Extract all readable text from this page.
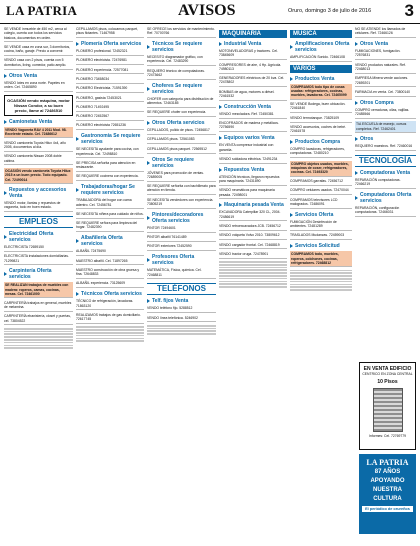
LA PATRIA	AVISOS	Oruro, domingo 3 de julio de 2016 3
SE VENDE inmueble de 450 m2, cerca al colegio, cuenta con todos los servicios básicos, documentos en orden.
SE VENDE casa en zona sur, 3 dormitorios, cocina, baño, garaje. Precio a convenir.
VENDO casa con 2 pisos, cuenta con 5 dormitorios, living, comedor, patio amplio.
Otros Venta
VENDO lotes en zona norte. Papeles en orden. Cel. 72465890
OCASIÓN vendo máquina, motor Nissan Condor, a su buen precio, llame al 72486510
Camionetas Venta
VENDO Vagoneta RAV 4 2011 Mod. 98. Excelente estado. Cel. 72486612
VENDO camioneta Toyota Hilux 4x4, año 2005, documentos al día.
VENDO camioneta Nissan 2008 doble cabina.
OCASIÓN vendo camioneta Toyota Hilux 2015 a un buen precio. Todo equipado. Cel. 72490014
Repuestos y accesorios Venta
VENDO motor, llantas y repuestos de vagoneta, todo en buen estado.
EMPLEOS
Electricidad Oferta servicios
ELECTRICISTA 72659150
ELECTRICISTA instalaciones domiciliarias. 71299821
Carpintería Oferta servicios
SE REALIZAN trabajos de muebles con madera: roperos, camas, cocinas, mesas. Cel. 72461000
CARPINTERÍA trabajos en general, muebles de melamina.
CARPINTERÍA ebanistería, closet y puertas, cel. 73804522
CEPILLAMOS pisos, colocamos parquet, pisos flotantes. 71467958
Plomería Oferta servicios
PLOMERO profesional. 72452321
PLOMERO electricista. 72476981
PLOMERO experiencia. 72577081
PLOMERO 73458034
PLOMERO Electricista. 71591390
PLOMERO, gasista 72453021
PLOMERO 71492495
PLOMERO 72452567
PLOMERO electricista 72651236
Gastronomía Se requiere servicios
SE NECESITA ayudante para cocina, con experiencia. Cel. 72498810
SE PRECISA señorita para atención en restaurante.
SE REQUIERE cocinera con experiencia.
Trabajadoras/hogar Se requiere servicios
TRABAJADORA del hogar con cama adentro. Cel. 72456781
SE NECESITA niñera para cuidado de niños.
SE REQUIERE señora para limpieza del hogar. 72482390
Albañilería Oferta servicios
ALBAÑIL 72475690
MAESTRO albañil. Cel. 71897265
MAESTRO construcción de obra gruesa y fina. 72648833
ALBAÑIL experiencia. 73125609
Técnicos Oferta servicios
TÉCNICO de refrigeración, lavadoras. 71863120
REALIZAMOS trabajos de gas domiciliario. 72617745
SE OFRECE los servicios de mantenimiento. Ref. 70700766
Técnicos Se requiere servicios
NECESITO diagramador gráfico, con experiencia. Cel. 72483290
REQUIERO técnico de computadoras. 72473662
Choferes Se requiere servicios
CHOFER con categoría para distribución de alimentos. 72463185
SE REQUIERE chofer con experiencia.
Otros Oferta servicios
CEPILLADOS, pulido de pisos. 72456817
CEPILLAMOS pisos. 72561083
CEPILLAMOS pisos parquet. 72569512
Otros Se requiere servicios
JÓVENES para promoción de ventas. 72689005
SE REQUIERE señorita con bachillerato para atención en tienda.
SE NECESITA vendedores con experiencia. 73805219
Pintores/decoradores Oferta servicios
PINTOR 72494601
PINTOR albañil 76141489
PINTOR exteriores 72452590
Profesores Oferta servicios
MATEMÁTICA, Física, química. Cel. 72468811
TELÉFONOS
Telf. fijos Venta
VENDO teléfono fijo. 5288512
VENDO línea telefónica. 5246902
MAQUINARIA
Industrial Venta
MOTONIVELADORAS y tractores. Cel. 73845609
COMPRESORES de aire, 4 Hp. Agrícola. 74980113
GENERADORES eléctricos de 20 kva. Cel. 72478802
BOMBAS de agua, motores a diésel. 72461532
Construcción Venta
VENDO mezcladora. Ref. 72450381
ENCOFRADOS de madera y metálicos. 72756590
Equipos varios Venta
EN VENTA compresor industrial con garantía.
VENDO soldadora eléctrica. 72491234
Repuestos Venta
ATENCIÓN técnicos, llegaron repuestos para maquinaria. 72431890
VENDO neumáticos para maquinaria pesada. 72498001
Maquinaria pesada Venta
EXCAVADORA Caterpillar 320 CL, 2004. 72486619
VENDO retroexcavadora JCB. 72456712
VENDO volqueta Volvo 2010. 73809612
VENDO cargador frontal. Cel. 72468819
VENDO tractor oruga. 72478901
MÚSICA
Amplificaciones Oferta servicios
AMPLIFICACIÓN Sonido. 72466108
VARIOS
Productos Venta
COMPRAMOS todo tipo de cosas usadas: refrigeradores, cocinas, muebles, lavadoras. Cel. 72465099
SE VENDE Bodega, buen ubicación. 72461840
VENDO termotanque. 73825109
VENDO accesorios, coches de bebé. 72461578
Productos Compra
COMPRO lavadoras, refrigeradores, computadoras. 72480210
COMPRO objetos usados, muebles, máquinas de coser, refrigeradores, cocinas. Cel. 72493320
COMPRAMOS garrafas. 72456712
COMPRO celulares usados. 72470044
COMPRAMOS televisores LCD malogrados. 72486091
Servicios Oferta
FUMIGACIÓN Desinfección de ambientes. 72481289
TRASLADOS Mudanzas. 72459003
Servicios Solicitud
COMPRAMOS todo, muebles, roperos, colchones, cocinas, refrigeradores. 72468812
NO SE ATIENDE los llamados de celulares. Ref. 72466126
Otros Venta
FUMIGACIONES, fumigación. 72576831
VENDO productos naturales. Ref. 72468013
EMPRESA Minera vende acciones. 72659201
FARMACIA en venta. Cel. 73800140
Otros Compra
COMPRO cerraduras, ollas, vajillas. 72485566
TIA ESCUELA de manejo, cursos completos. Ref. 72462401
Otros
REQUIERO maestros. Ref. 72460016
TECNOLOGÍA
Computadoras Venta
REPARACIÓN computadoras. 72466219
Computadoras Oferta servicios
REPARACIÓN, configuración computadoras. 72466031
EN VENTA EDIFICIO
CENTRICO EN ZONA CENTRAL
10 Pisos
Informes: Cel. 72769779
LA PATRIA
87 AÑOS
APOYANDO
NUESTRA
CULTURA
El periódico de orureños
